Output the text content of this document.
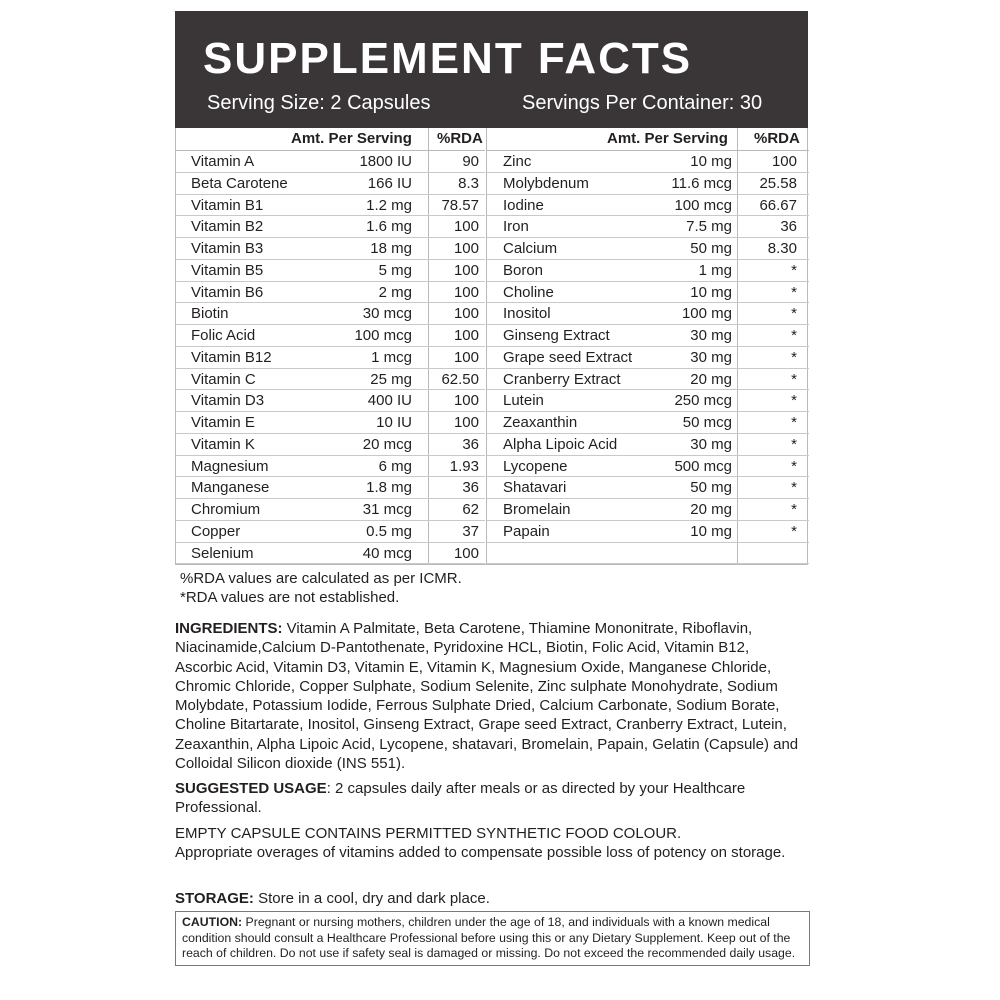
SUPPLEMENT FACTS
Serving Size: 2 Capsules	Servings Per Container: 30
Amt. Per Serving %RDA
Vitamin A	1800 IU	90
Beta Carotene	166 IU	8.3
Vitamin B1	1.2 mg 78.57
Vitamin B2	1.6 mg	100
Vitamin B3	18 mg	100
Vitamin B5	5 mg	100
Vitamin B6	2 mg	100
Biotin	30 mcg	100
Folic Acid	100 mcg	100
Vitamin B12	1 mcg	100
Vitamin C	25 mg 62.50
Vitamin D3	400 IU	100
Vitamin E	10 IU	100
Vitamin K	20 mcg	36
Magnesium	6 mg	1.93
Manganese	1.8 mg	36
Chromium	31 mcg	62
Copper	0.5 mg	37
Selenium	40 mcg	100
Amt. Per Serving %RDA
Zinc	10 mg	100
Molybdenum	11.6 mcg 25.58
Iodine	100 mcg 66.67
Iron	7.5 mg	36
Calcium	50 mg 8.30
Boron	1 mg	*
Choline	10 mg	*
Inositol	100 mg	*
Ginseng Extract	30 mg	*
Grape seed Extract	30 mg	*
Cranberry Extract	20 mg	*
Lutein	250 mcg	*
Zeaxanthin	50 mcg	*
Alpha Lipoic Acid	30 mg	*
Lycopene	500 mcg	*
Shatavari	50 mg	*
Bromelain	20 mg	*
Papain	10 mg	*
%RDA values are calculated as per ICMR.
*RDA values are not established.
INGREDIENTS: Vitamin A Palmitate, Beta Carotene, Thiamine Mononitrate, Riboflavin, Niacinamide,Calcium D-Pantothenate, Pyridoxine HCL, Biotin, Folic Acid, Vitamin B12, Ascorbic Acid, Vitamin D3, Vitamin E, Vitamin K, Magnesium Oxide, Manganese Chloride, Chromic Chloride, Copper Sulphate, Sodium Selenite, Zinc sulphate Monohydrate, Sodium Molybdate, Potassium Iodide, Ferrous Sulphate Dried, Calcium Carbonate, Sodium Borate, Choline Bitartarate, Inositol, Ginseng Extract, Grape seed Extract, Cranberry Extract, Lutein, Zeaxanthin, Alpha Lipoic Acid, Lycopene, shatavari, Bromelain, Papain, Gelatin (Capsule) and Colloidal Silicon dioxide (INS 551).
SUGGESTED USAGE: 2 capsules daily after meals or as directed by your Healthcare Professional.
EMPTY CAPSULE CONTAINS PERMITTED SYNTHETIC FOOD COLOUR.
Appropriate overages of vitamins added to compensate possible loss of potency on storage.
STORAGE: Store in a cool, dry and dark place.
CAUTION: Pregnant or nursing mothers, children under the age of 18, and individuals with a known medical condition should consult a Healthcare Professional before using this or any Dietary Supplement. Keep out of the reach of children. Do not use if safety seal is damaged or missing. Do not exceed the recommended daily usage.
